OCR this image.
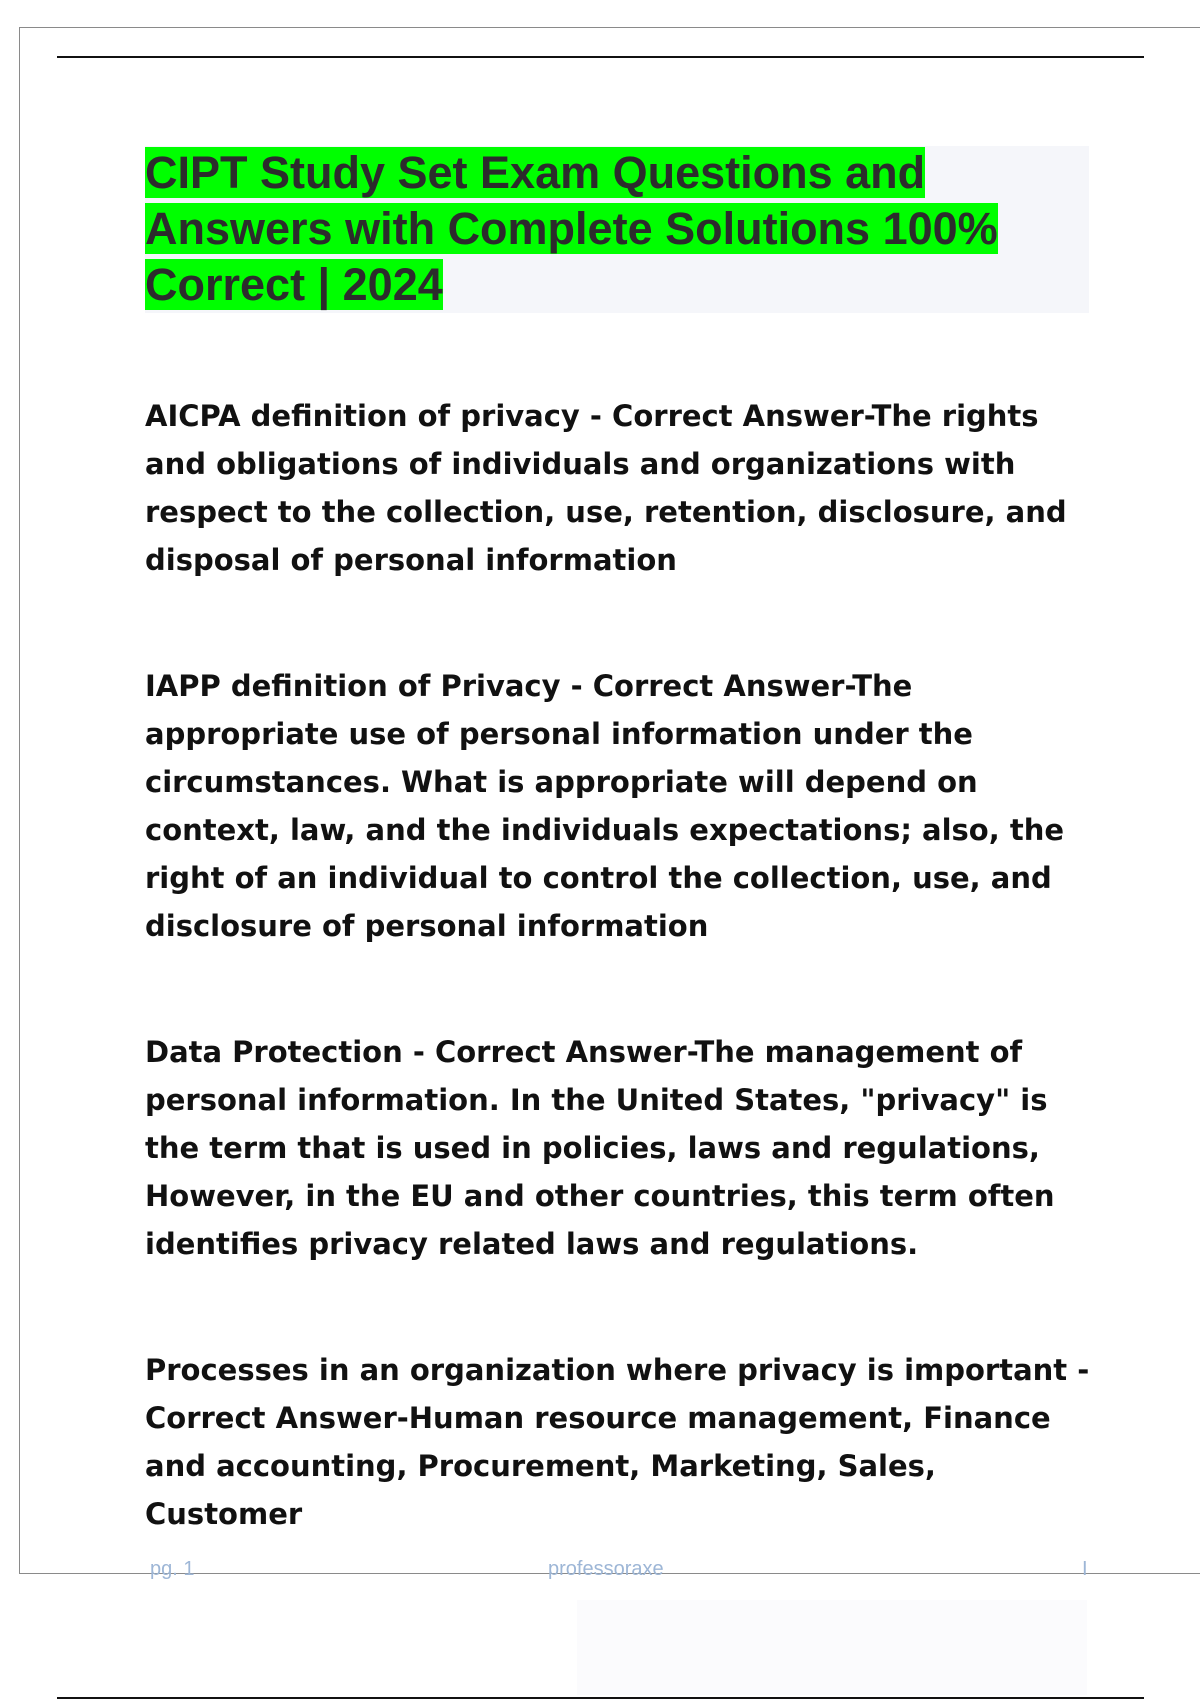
CIPT Study Set Exam Questions and Answers with Complete Solutions 100% Correct | 2024

AICPA definition of privacy - Correct Answer-The rights and obligations of individuals and organizations with respect to the collection, use, retention, disclosure, and disposal of personal information

IAPP definition of Privacy - Correct Answer-The appropriate use of personal information under the circumstances. What is appropriate will depend on context, law, and the individuals expectations; also, the right of an individual to control the collection, use, and disclosure of personal information

Data Protection - Correct Answer-The management of personal information. In the United States, "privacy" is the term that is used in policies, laws and regulations, However, in the EU and other countries, this term often identifies privacy related laws and regulations.

Processes in an organization where privacy is important - Correct Answer-Human resource management, Finance and accounting, Procurement, Marketing, Sales, Customer

pg. 1	professoraxe	I
